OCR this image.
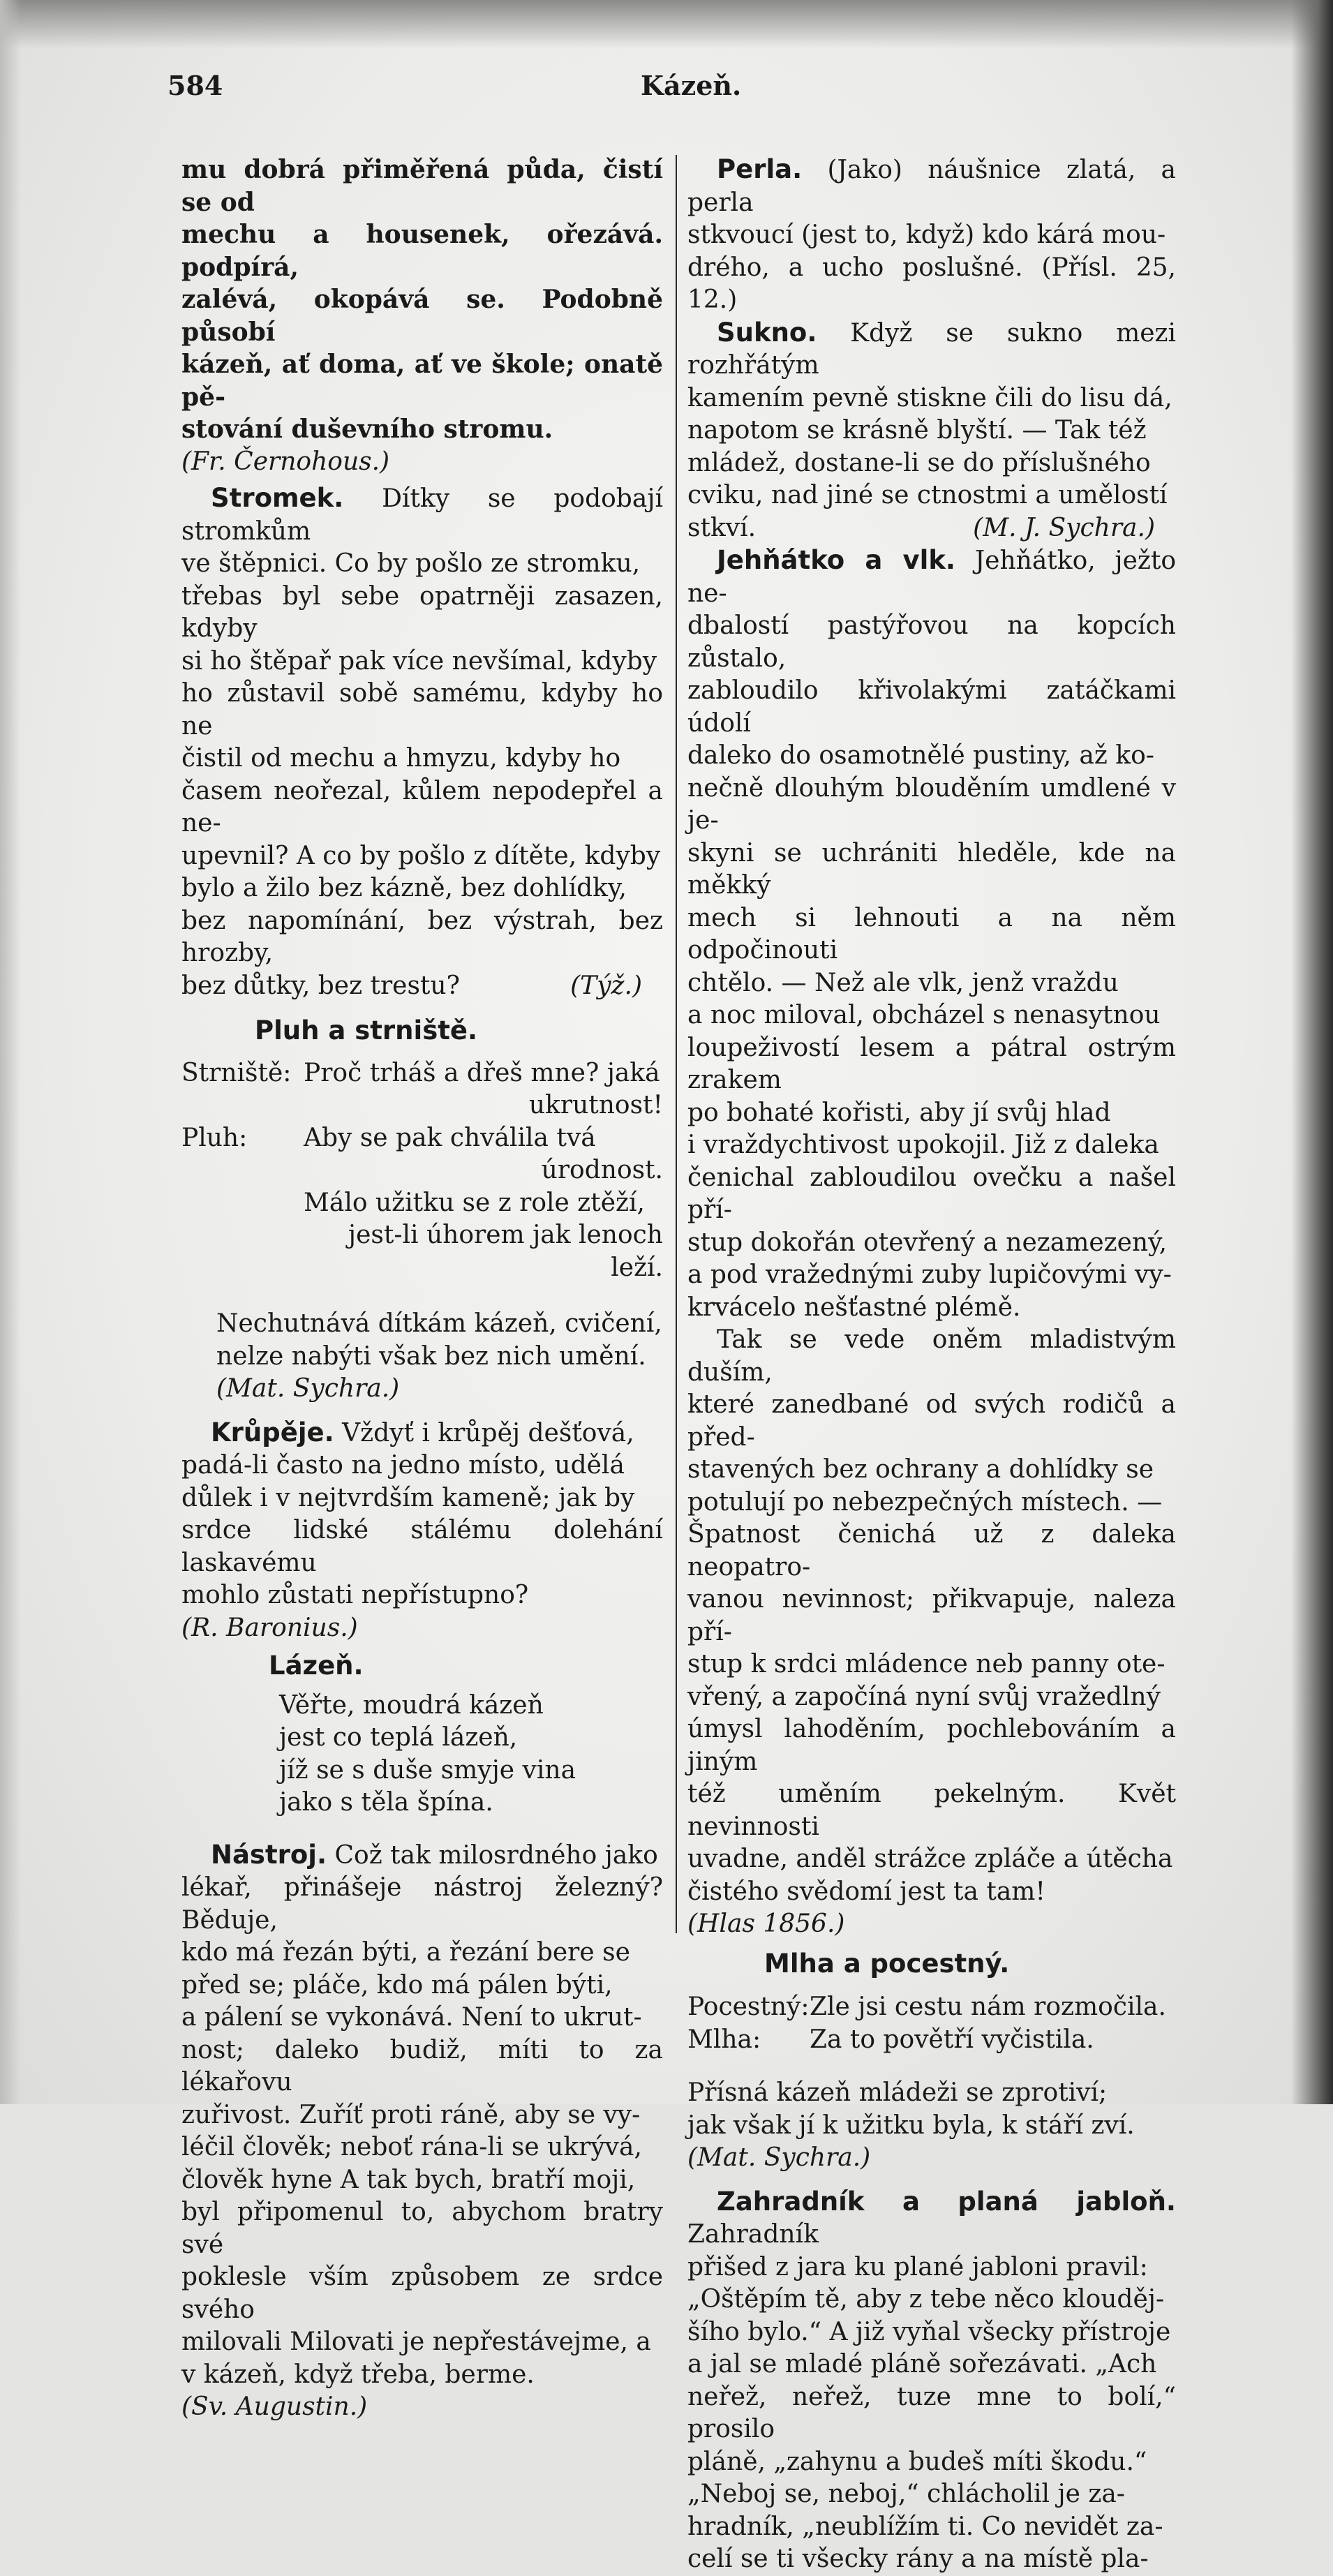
584	Kázeň.

mu dobrá přiměřená půda, čistí se od

mechu a housenek, ořezává. podpírá,

zalévá, okopává se. Podobně působí

kázeň, ať doma, ať ve škole; onatě pě-

stování duševního stromu.

(Fr. Černohous.)

Stromek. Dítky se podobají stromkům

ve štěpnici. Co by pošlo ze stromku,

třebas byl sebe opatrněji zasazen, kdyby

si ho štěpař pak více nevšímal, kdyby

ho zůstavil sobě samému, kdyby ho ne

čistil od mechu a hmyzu, kdyby ho

časem neořezal, kůlem nepodepřel a ne-

upevnil? A co by pošlo z dítěte, kdyby

bylo a žilo bez kázně, bez dohlídky,

bez napomínání, bez výstrah, bez hrozby,

bez důtky, bez trestu?	(Týž.)

Pluh a strniště.

Strniště: Proč trháš a dřeš mne? jaká
ukrutnost!
Pluh:	Aby se pak chválila tvá
úrodnost.
Málo užitku se z role ztěží,
jest-li úhorem jak lenoch leží.

Nechutnává dítkám kázeň, cvičení,

nelze nabýti však bez nich umění.

(Mat. Sychra.)

Krůpěje. Vždyť i krůpěj dešťová,

padá-li často na jedno místo, udělá

důlek i v nejtvrdším kameně; jak by

srdce lidské stálému dolehání laskavému

mohlo zůstati nepřístupno?

(R. Baronius.)

Lázeň.

Věřte, moudrá kázeň
jest co teplá lázeň,
jíž se s duše smyje vina
jako s těla špína.

Nástroj. Což tak milosrdného jako

lékař, přinášeje nástroj železný? Běduje,

kdo má řezán býti, a řezání bere se

před se; pláče, kdo má pálen býti,

a pálení se vykonává. Není to ukrut-

nost; daleko budiž, míti to za lékařovu

zuřivost. Zuříť proti ráně, aby se vy-

léčil člověk; neboť rána-li se ukrývá,

člověk hyne A tak bych, bratří moji,

byl připomenul to, abychom bratry své

poklesle vším způsobem ze srdce svého

milovali Milovati je nepřestávejme, a

v kázeň, když třeba, berme.

(Sv. Augustin.)

Perla. (Jako) náušnice zlatá, a perla

stkvoucí (jest to, když) kdo kárá mou-

drého, a ucho poslušné. (Přísl. 25, 12.)

Sukno. Když se sukno mezi rozhřátým

kamením pevně stiskne čili do lisu dá,

napotom se krásně blyští. — Tak též

mládež, dostane-li se do příslušného

cviku, nad jiné se ctnostmi a umělostí

stkví.	(M. J. Sychra.)

Jehňátko a vlk. Jehňátko, ježto ne-

dbalostí pastýřovou na kopcích zůstalo,

zabloudilo křivolakými zatáčkami údolí

daleko do osamotnělé pustiny, až ko-

nečně dlouhým blouděním umdlené v je-

skyni se uchrániti hleděle, kde na měkký

mech si lehnouti a na něm odpočinouti

chtělo. — Než ale vlk, jenž vraždu

a noc miloval, obcházel s nenasytnou

loupeživostí lesem a pátral ostrým zrakem

po bohaté kořisti, aby jí svůj hlad

i vraždychtivost upokojil. Již z daleka

čenichal zabloudilou ovečku a našel pří-

stup dokořán otevřený a nezamezený,

a pod vražednými zuby lupičovými vy-

krvácelo nešťastné plémě.

Tak se vede oněm mladistvým duším,

které zanedbané od svých rodičů a před-

stavených bez ochrany a dohlídky se

potulují po nebezpečných místech. —

Špatnost čenichá už z daleka neopatro-

vanou nevinnost; přikvapuje, naleza pří-

stup k srdci mládence neb panny ote-

vřený, a započíná nyní svůj vražedlný

úmysl lahoděním, pochlebováním a jiným

též uměním pekelným. Květ nevinnosti

uvadne, anděl strážce zpláče a útěcha

čistého svědomí jest ta tam!

(Hlas 1856.)

Mlha a pocestný.

Pocestný: Zle jsi cestu nám rozmočila.
Mlha:	Za to povětří vyčistila.

Přísná kázeň mládeži se zprotiví;

jak však jí k užitku byla, k stáří zví.

(Mat. Sychra.)

Zahradník a planá jabloň. Zahradník

přišed z jara ku plané jabloni pravil:

„Oštěpím tě, aby z tebe něco klouděj-

šího bylo.“ A již vyňal všecky přístroje

a jal se mladé pláně sořezávati. „Ach

neřež, neřež, tuze mne to bolí,“ prosilo

pláně, „zahynu a budeš míti škodu.“

„Neboj se, neboj,“ chlácholil je za-

hradník, „neublížím ti. Co nevidět za-

celí se ti všecky rány a na místě pla-
